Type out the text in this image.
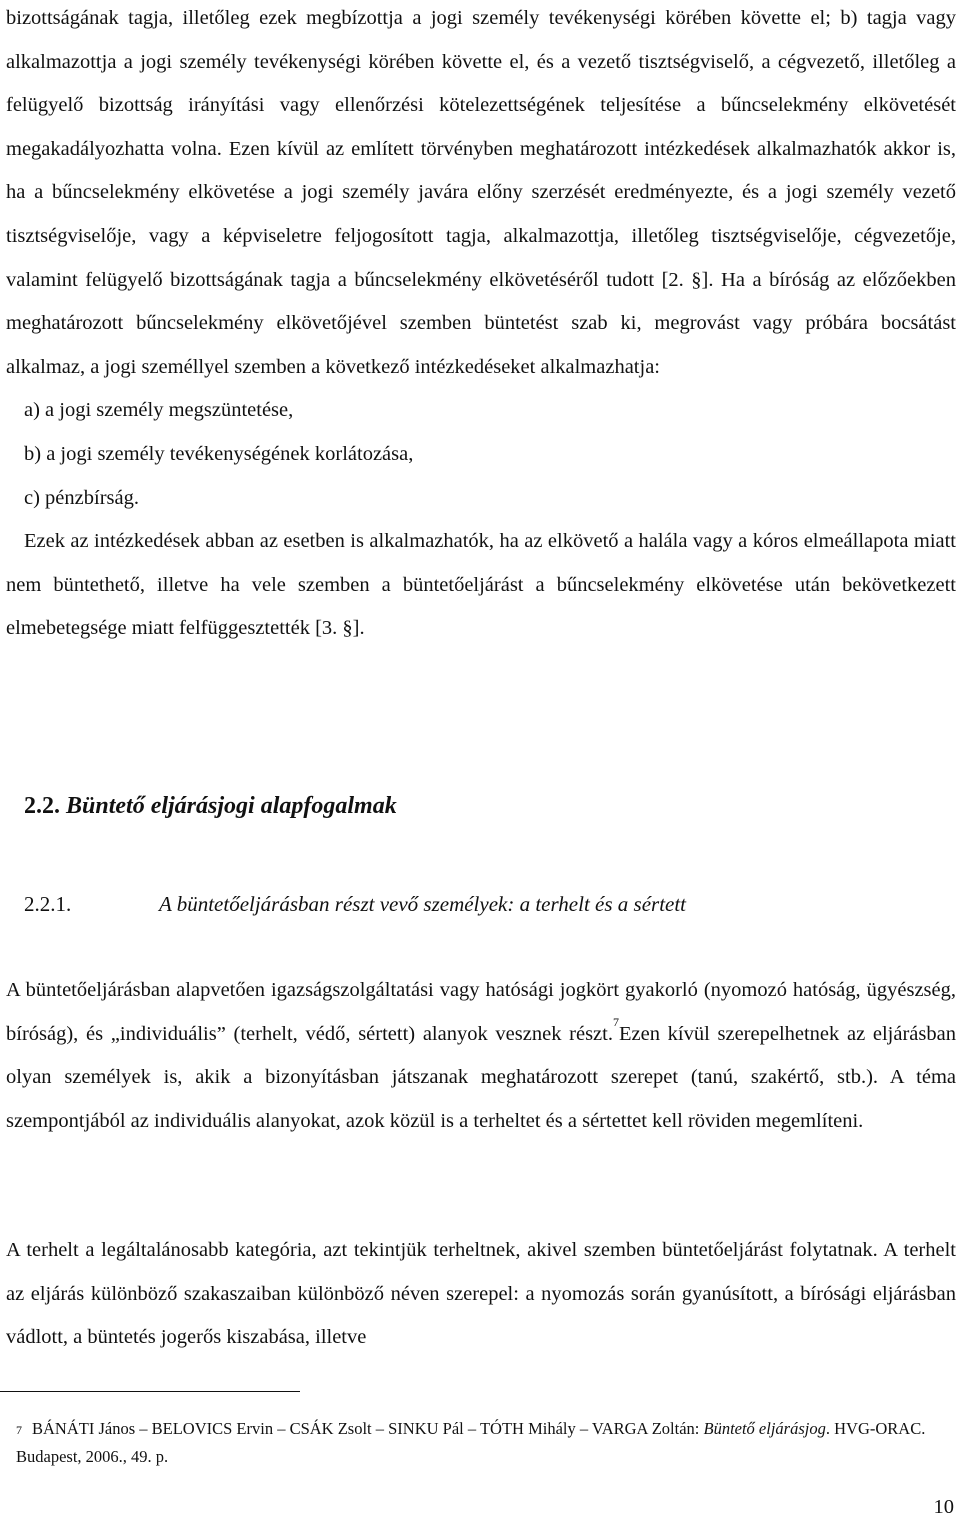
bizottságának tagja, illetőleg ezek megbízottja a jogi személy tevékenységi körében követte el; b) tagja vagy alkalmazottja a jogi személy tevékenységi körében követte el, és a vezető tisztségviselő, a cégvezető, illetőleg a felügyelő bizottság irányítási vagy ellenőrzési kötelezettségének teljesítése a bűncselekmény elkövetését megakadályozhatta volna. Ezen kívül az említett törvényben meghatározott intézkedések alkalmazhatók akkor is, ha a bűncselekmény elkövetése a jogi személy javára előny szerzését eredményezte, és a jogi személy vezető tisztségviselője, vagy a képviseletre feljogosított tagja, alkalmazottja, illetőleg tisztségviselője, cégvezetője, valamint felügyelő bizottságának tagja a bűncselekmény elkövetéséről tudott [2. §]. Ha a bíróság az előzőekben meghatározott bűncselekmény elkövetőjével szemben büntetést szab ki, megrovást vagy próbára bocsátást alkalmaz, a jogi személlyel szemben a következő intézkedéseket alkalmazhatja:

a) a jogi személy megszüntetése,

b) a jogi személy tevékenységének korlátozása,

c) pénzbírság.

Ezek az intézkedések abban az esetben is alkalmazhatók, ha az elkövető a halála vagy a kóros elmeállapota miatt nem büntethető, illetve ha vele szemben a büntetőeljárást a bűncselekmény elkövetése után bekövetkezett elmebetegsége miatt felfüggesztették [3. §].

2.2. Büntető eljárásjogi alapfogalmak
2.2.1.	A büntetőeljárásban részt vevő személyek: a terhelt és a sértett

A büntetőeljárásban alapvetően igazságszolgáltatási vagy hatósági jogkört gyakorló (nyomozó hatóság, ügyészség, bíróság), és „individuális” (terhelt, védő, sértett) alanyok vesznek részt.$^7$Ezen kívül szerepelhetnek az eljárásban olyan személyek is, akik a bizonyításban játszanak meghatározott szerepet (tanú, szakértő, stb.). A téma szempontjából az individuális alanyokat, azok közül is a terheltet és a sértettet kell röviden megemlíteni.

A terhelt a legáltalánosabb kategória, azt tekintjük terheltnek, akivel szemben büntetőeljárást folytatnak. A terhelt az eljárás különböző szakaszaiban különböző néven szerepel: a nyomozás során gyanúsított, a bírósági eljárásban vádlott, a büntetés jogerős kiszabása, illetve

$^7$ BÁNÁTI János – BELOVICS Ervin – CSÁK Zsolt – SINKU Pál – TÓTH Mihály – VARGA Zoltán: Büntető eljárásjog. HVG-ORAC. Budapest, 2006., 49. p.
10
